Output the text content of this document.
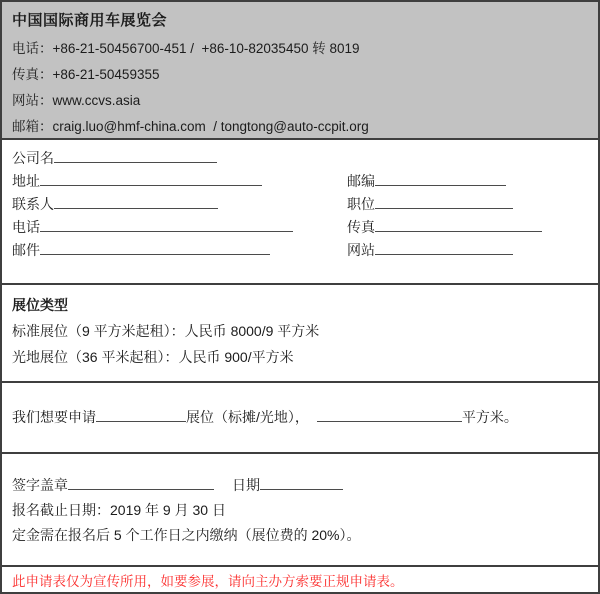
中国国际商用车展览会
电话：+86-21-50456700-451 /  +86-10-82035450 转 8019
传真：+86-21-50459355
网站：www.ccvs.asia
邮箱：craig.luo@hmf-china.com  / tongtong@auto-ccpit.org
公司名
地址	邮编
联系人	职位
电话	传真
邮件	网站
展位类型
标准展位（9 平方米起租）：人民币 8000/9 平方米
光地展位（36 平米起租）：人民币 900/平方米
我们想要申请	展位（标摊/光地），	平方米。
签字盖章	日期
报名截止日期：2019 年 9 月 30 日
定金需在报名后 5 个工作日之内缴纳（展位费的 20%）。
此申请表仅为宣传所用，如要参展，请向主办方索要正规申请表。
